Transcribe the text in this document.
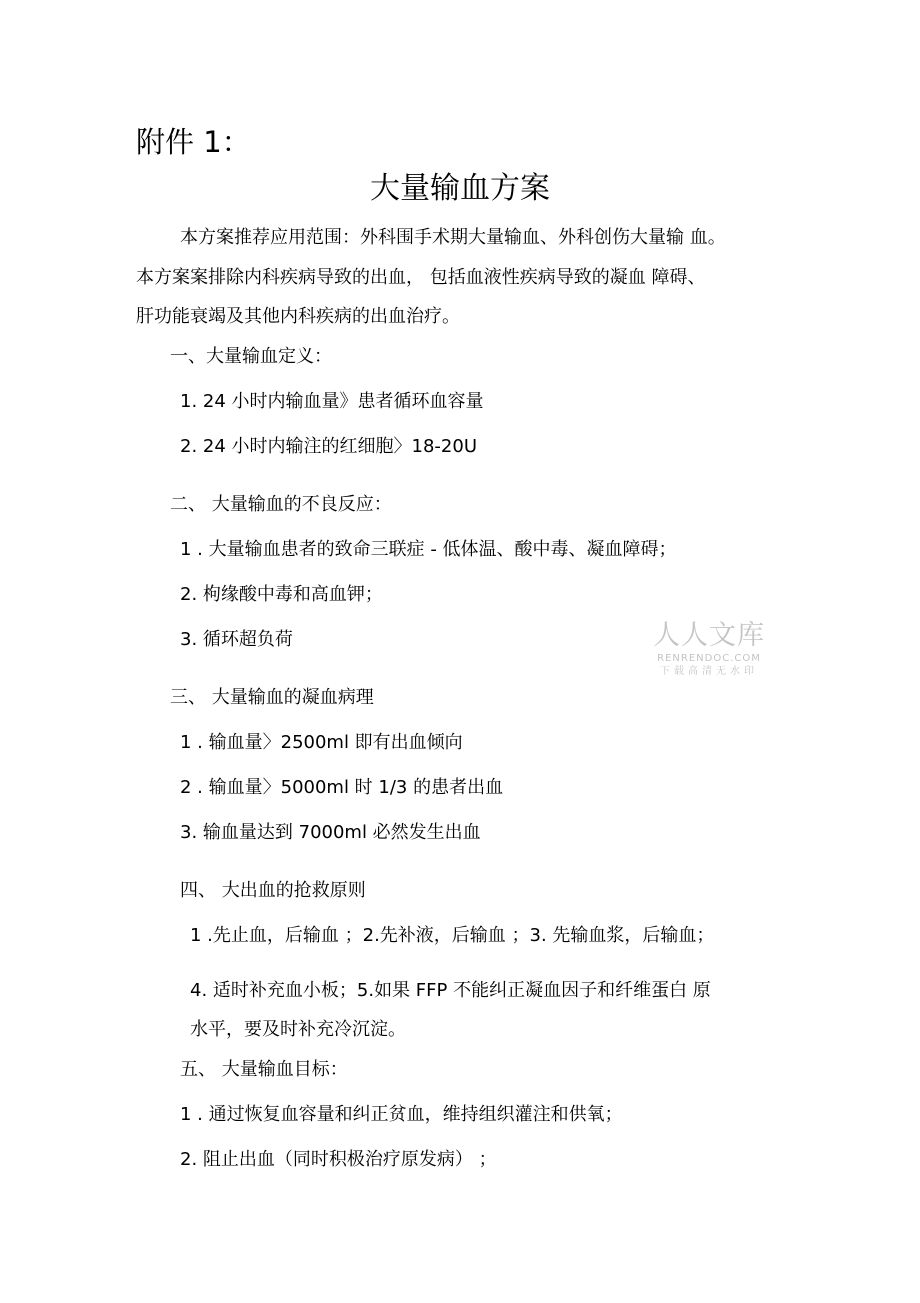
附件 1：
大量输血方案
本方案推荐应用范围：外科围手术期大量输血、外科创伤大量输 血。
本方案案排除内科疾病导致的出血， 包括血液性疾病导致的凝血 障碍、
肝功能衰竭及其他内科疾病的出血治疗。
一、大量输血定义：
1. 24 小时内输血量》患者循环血容量
2. 24 小时内输注的红细胞〉18-20U
二、 大量输血的不良反应：
1 . 大量输血患者的致命三联症 - 低体温、酸中毒、凝血障碍；
2. 枸缘酸中毒和高血钾；
3. 循环超负荷
三、 大量输血的凝血病理
1 . 输血量〉2500ml 即有出血倾向
2 . 输血量〉5000ml 时 1/3 的患者出血
3. 输血量达到 7000ml 必然发生出血
四、 大出血的抢救原则
1 .先止血，后输血 ；2.先补液，后输血 ；3. 先输血浆，后输血；
4. 适时补充血小板；5.如果 FFP 不能纠正凝血因子和纤维蛋白 原
水平，要及时补充冷沉淀。
五、 大量输血目标：
1 . 通过恢复血容量和纠正贫血，维持组织灌注和供氧；
2. 阻止出血（同时积极治疗原发病） ；
人人文库
RENRENDOC.COM
下载高清无水印
